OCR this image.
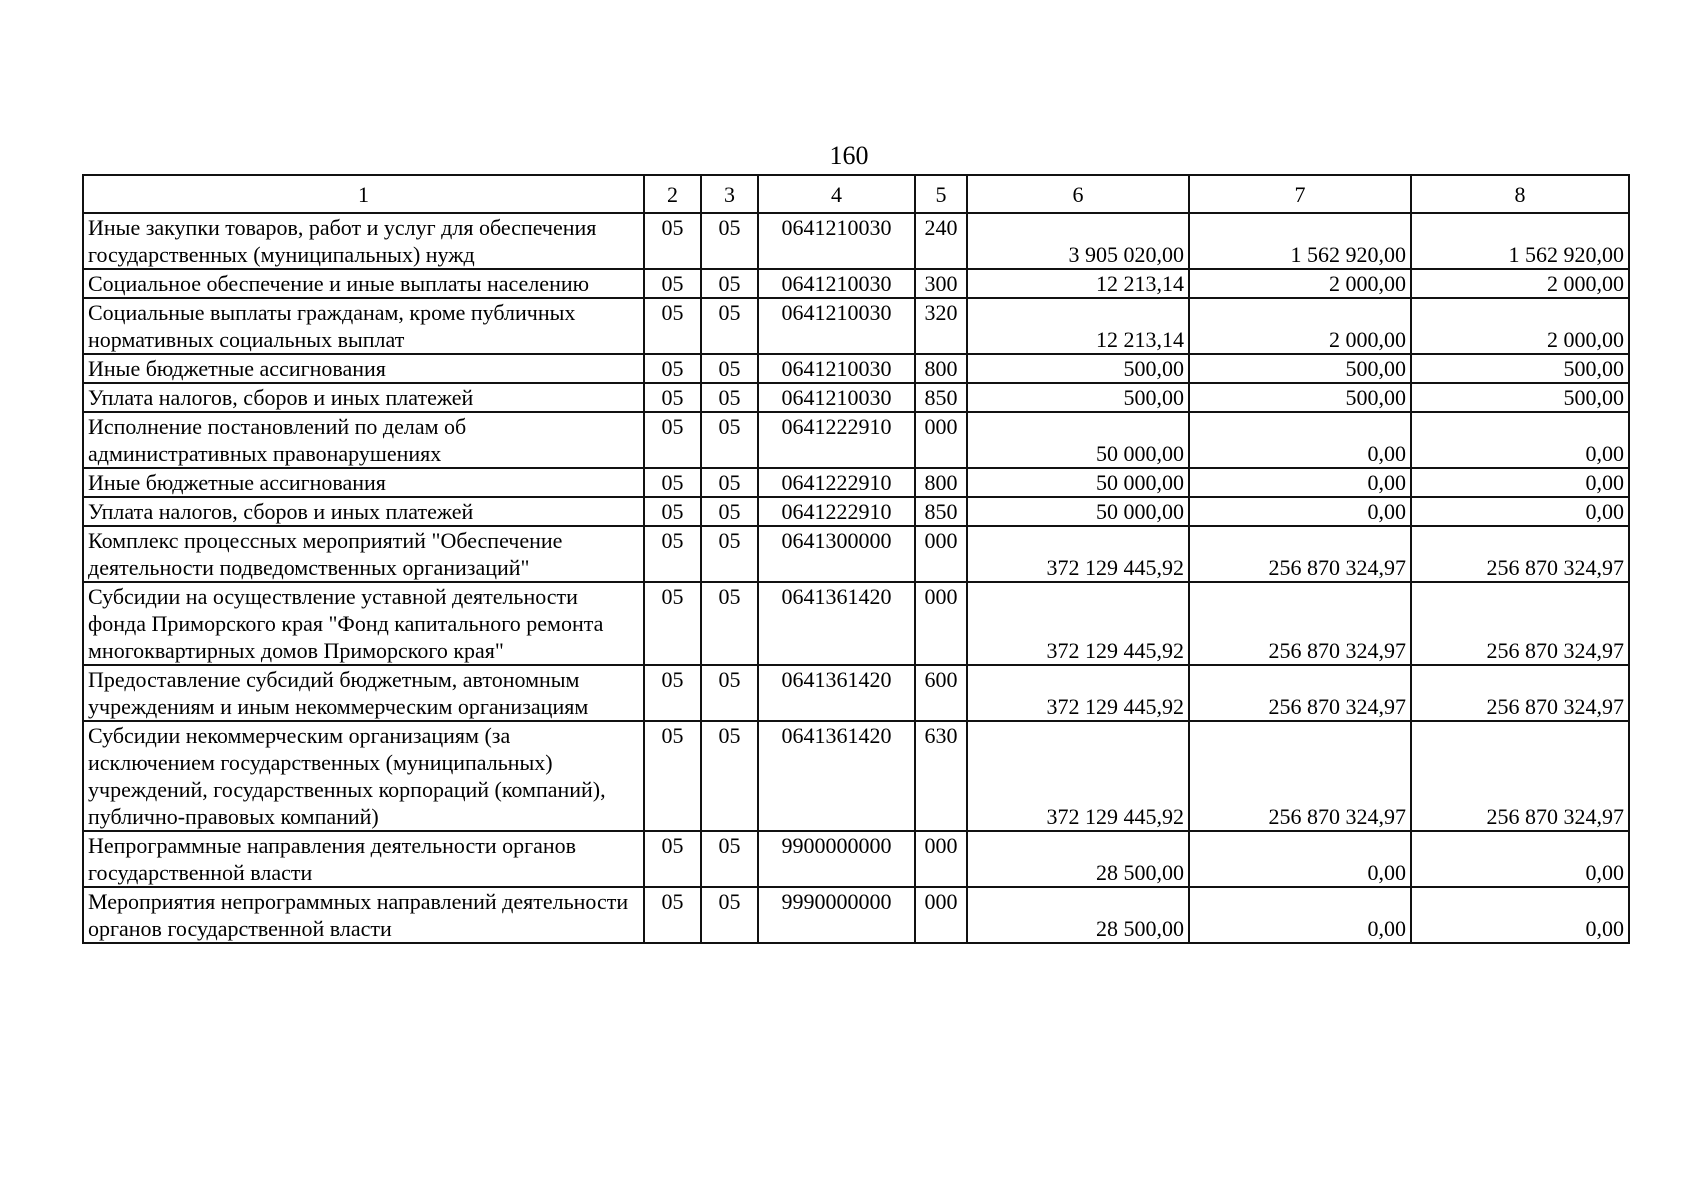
160
1	2	3	4	5	6	7	8
Иные закупки товаров, работ и услуг для обеспечения государственных (муниципальных) нужд	05	05	0641210030	240	3 905 020,00	1 562 920,00	1 562 920,00
Социальное обеспечение и иные выплаты населению	05	05	0641210030	300	12 213,14	2 000,00	2 000,00
Социальные выплаты гражданам, кроме публичных нормативных социальных выплат	05	05	0641210030	320	12 213,14	2 000,00	2 000,00
Иные бюджетные ассигнования	05	05	0641210030	800	500,00	500,00	500,00
Уплата налогов, сборов и иных платежей	05	05	0641210030	850	500,00	500,00	500,00
Исполнение постановлений по делам об административных правонарушениях	05	05	0641222910	000	50 000,00	0,00	0,00
Иные бюджетные ассигнования	05	05	0641222910	800	50 000,00	0,00	0,00
Уплата налогов, сборов и иных платежей	05	05	0641222910	850	50 000,00	0,00	0,00
Комплекс процессных мероприятий "Обеспечение деятельности подведомственных организаций"	05	05	0641300000	000	372 129 445,92	256 870 324,97	256 870 324,97
Субсидии на осуществление уставной деятельности фонда Приморского края "Фонд капитального ремонта многоквартирных домов Приморского края"	05	05	0641361420	000	372 129 445,92	256 870 324,97	256 870 324,97
Предоставление субсидий бюджетным, автономным учреждениям и иным некоммерческим организациям	05	05	0641361420	600	372 129 445,92	256 870 324,97	256 870 324,97
Субсидии некоммерческим организациям (за исключением государственных (муниципальных) учреждений, государственных корпораций (компаний), публично-правовых компаний)	05	05	0641361420	630	372 129 445,92	256 870 324,97	256 870 324,97
Непрограммные направления деятельности органов государственной власти	05	05	9900000000	000	28 500,00	0,00	0,00
Мероприятия непрограммных направлений деятельности органов государственной власти	05	05	9990000000	000	28 500,00	0,00	0,00
